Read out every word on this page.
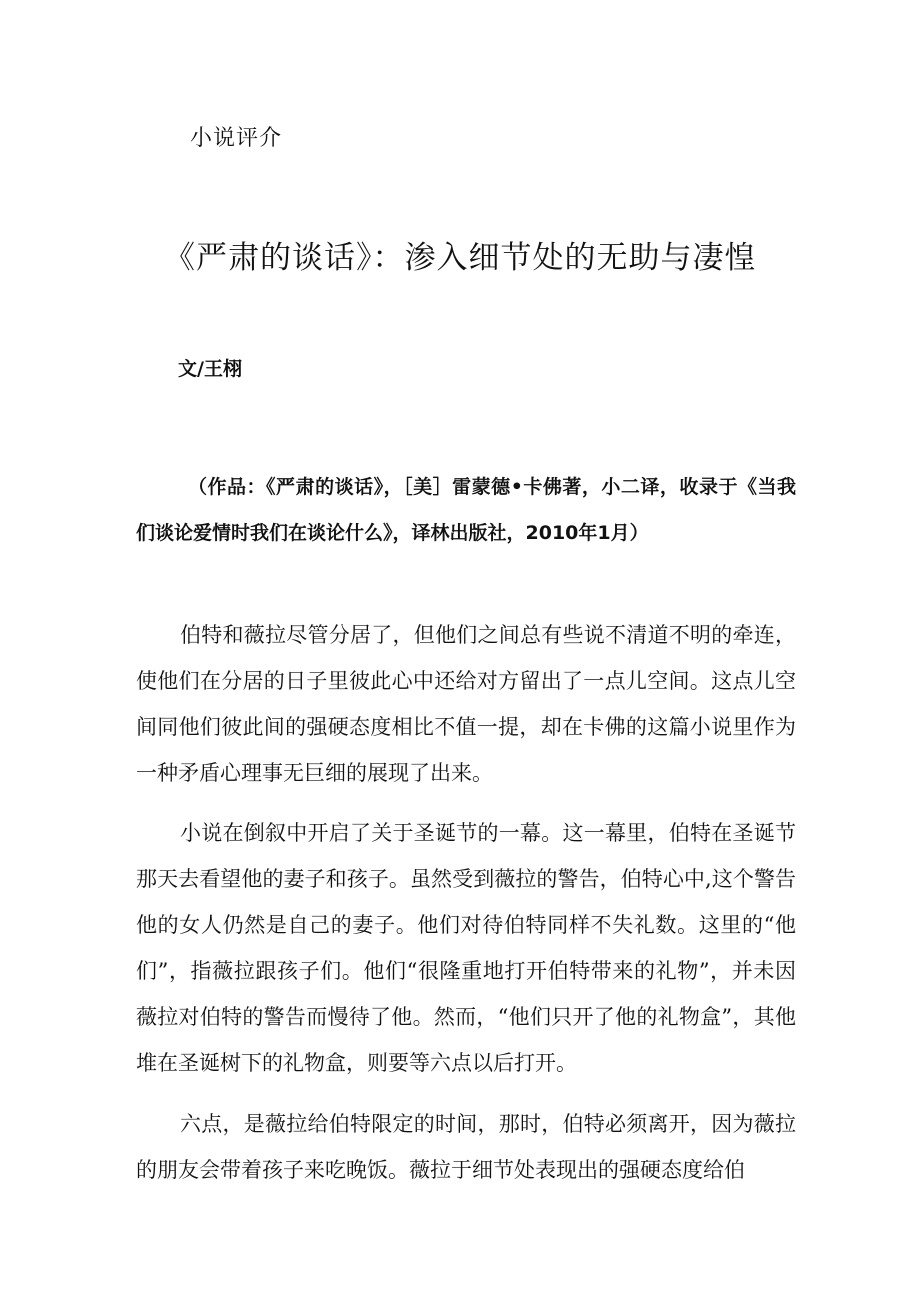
小说评介
《严肃的谈话》：渗入细节处的无助与凄惶
文/王栩
（作品：《严肃的谈话》，［美］雷蒙德•卡佛著，小二译，收录于《当我们谈论爱情时我们在谈论什么》，译林出版社，2010年1月）
伯特和薇拉尽管分居了，但他们之间总有些说不清道不明的牵连，使他们在分居的日子里彼此心中还给对方留出了一点儿空间。这点儿空间同他们彼此间的强硬态度相比不值一提，却在卡佛的这篇小说里作为一种矛盾心理事无巨细的展现了出来。
小说在倒叙中开启了关于圣诞节的一幕。这一幕里，伯特在圣诞节那天去看望他的妻子和孩子。虽然受到薇拉的警告，伯特心中,这个警告他的女人仍然是自己的妻子。他们对待伯特同样不失礼数。这里的“他们”，指薇拉跟孩子们。他们“很隆重地打开伯特带来的礼物”，并未因薇拉对伯特的警告而慢待了他。然而，“他们只开了他的礼物盒”，其他堆在圣诞树下的礼物盒，则要等六点以后打开。
六点，是薇拉给伯特限定的时间，那时，伯特必须离开，因为薇拉的朋友会带着孩子来吃晚饭。薇拉于细节处表现出的强硬态度给伯
